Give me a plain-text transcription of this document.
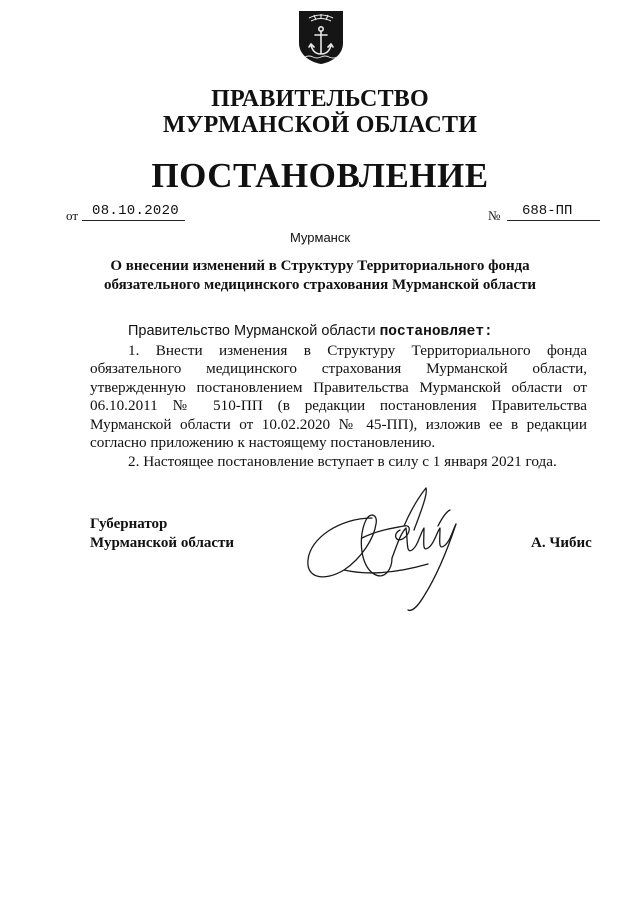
ПРАВИТЕЛЬСТВО
МУРМАНСКОЙ ОБЛАСТИ
ПОСТАНОВЛЕНИЕ
от 08.10.2020	№ 688-ПП
Мурманск
О внесении изменений в Структуру Территориального фонда
обязательного медицинского страхования Мурманской области

Правительство Мурманской области постановляет:

1. Внести изменения в Структуру Территориального фонда обязательного медицинского страхования Мурманской области, утвержденную постановлением Правительства Мурманской области от 06.10.2011 № 510-ПП (в редакции постановления Правительства Мурманской области от 10.02.2020 № 45-ПП), изложив ее в редакции согласно приложению к настоящему постановлению.

2. Настоящее постановление вступает в силу с 1 января 2021 года.

Губернатор
Мурманской области	А. Чибис
